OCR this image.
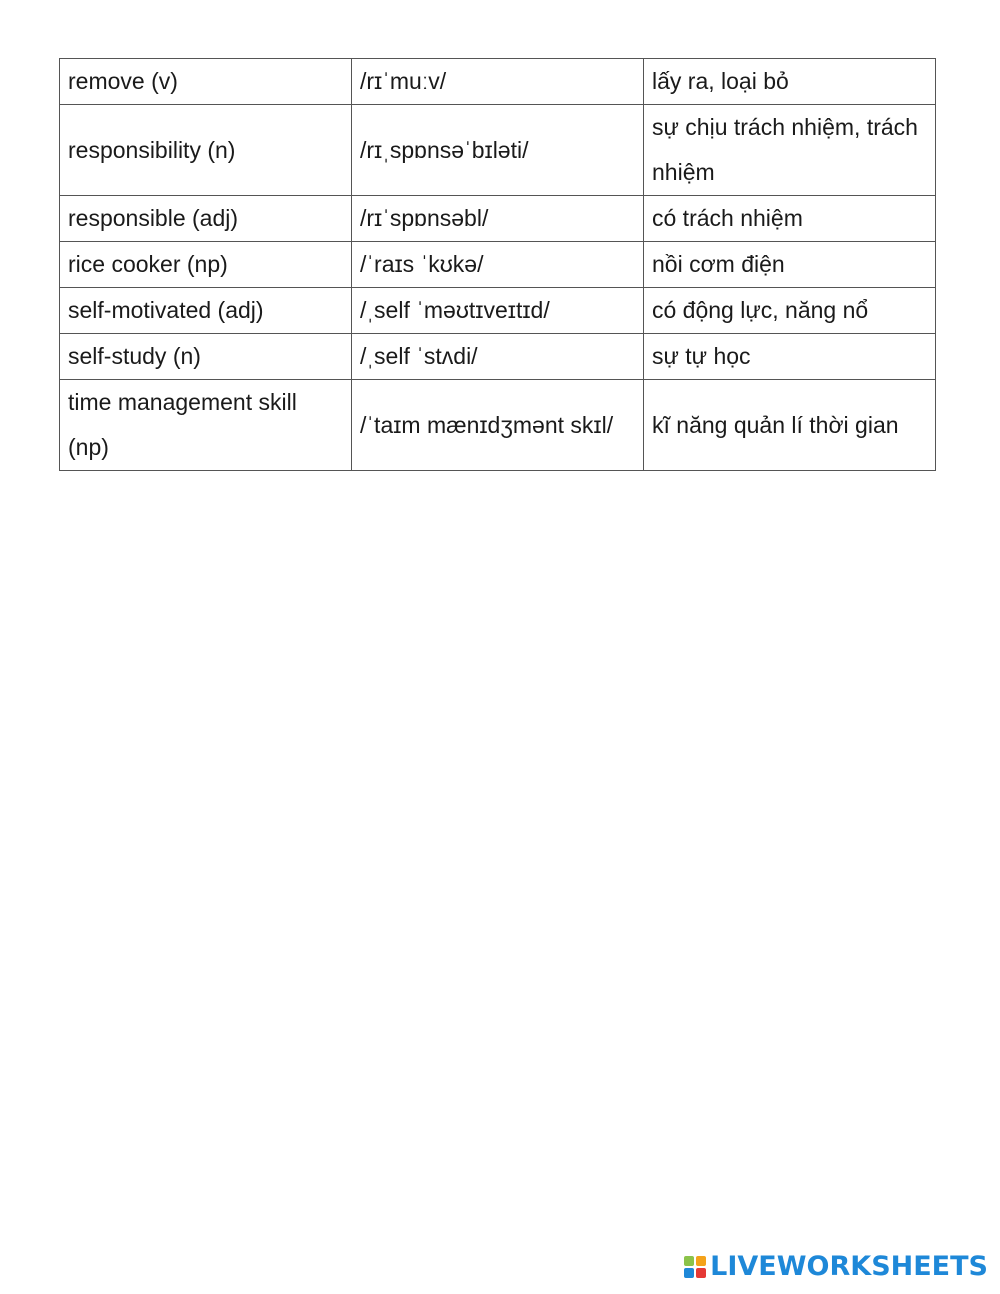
remove (v)	/rɪˈmuːv/	lấy ra, loại bỏ
responsibility (n)	/rɪˌspɒnsəˈbɪləti/	sự chịu trách nhiệm, trách nhiệm
responsible (adj)	/rɪˈspɒnsəbl/	có trách nhiệm
rice cooker (np)	/ˈraɪs ˈkʊkə/	nồi cơm điện
self-motivated (adj)	/ˌself ˈməʊtɪveɪtɪd/	có động lực, năng nổ
self-study (n)	/ˌself ˈstʌdi/	sự tự học
time management skill (np)	/ˈtaɪm mænɪdʒmənt skɪl/	kĩ năng quản lí thời gian
LIVEWORKSHEETS
